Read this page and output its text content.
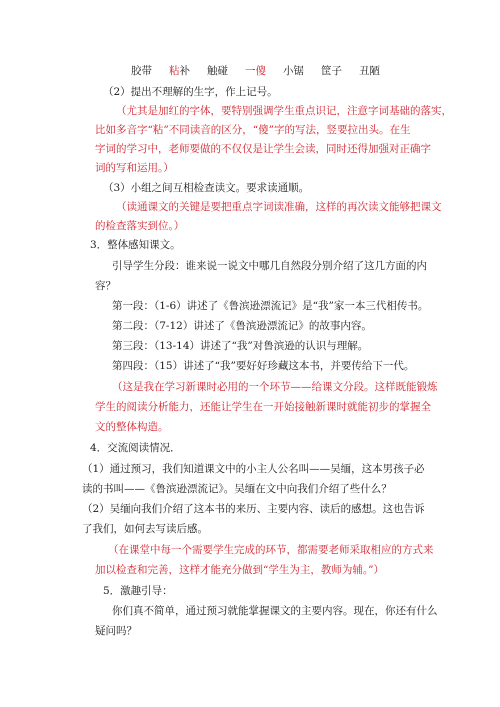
胶带 粘补 触碰 一傻 小锯 筐子 丑陋
（2）提出不理解的生字，作上记号。
（尤其是加红的字体，要特别强调学生重点识记，注意字词基础的落实，
比如多音字“粘”不同读音的区分，“傻”字的写法，竖要拉出头。在生
字词的学习中，老师要做的不仅仅是让学生会读，同时还得加强对正确字
词的写和运用。）
（3）小组之间互相检查读文。要求读通顺。
（读通课文的关键是要把重点字词读准确，这样的再次读文能够把课文
的检查落实到位。）
3．整体感知课文。
引导学生分段：谁来说一说文中哪几自然段分别介绍了这几方面的内
容？
第一段：（1-6）讲述了《鲁滨逊漂流记》是“我”家一本三代相传书。
第二段：（7-12）讲述了《鲁滨逊漂流记》的故事内容。
第三段：（13-14）讲述了“我”对鲁滨逊的认识与理解。
第四段：（15）讲述了“我”要好好珍藏这本书，并要传给下一代。
（这是我在学习新课时必用的一个环节——给课文分段。这样既能锻炼
学生的阅读分析能力，还能让学生在一开始接触新课时就能初步的掌握全
文的整体构造。
4．交流阅读情况．
（1）通过预习，我们知道课文中的小主人公名叫——吴缅，这本男孩子必
读的书叫——《鲁滨逊漂流记》。吴缅在文中向我们介绍了些什么？
（2）吴缅向我们介绍了这本书的来历、主要内容、读后的感想。这也告诉
了我们，如何去写读后感。
（在课堂中每一个需要学生完成的环节，都需要老师采取相应的方式来
加以检查和完善，这样才能充分做到“学生为主，教师为辅。”）
5．激趣引导：
你们真不简单，通过预习就能掌握课文的主要内容。现在，你还有什么
疑问吗？
